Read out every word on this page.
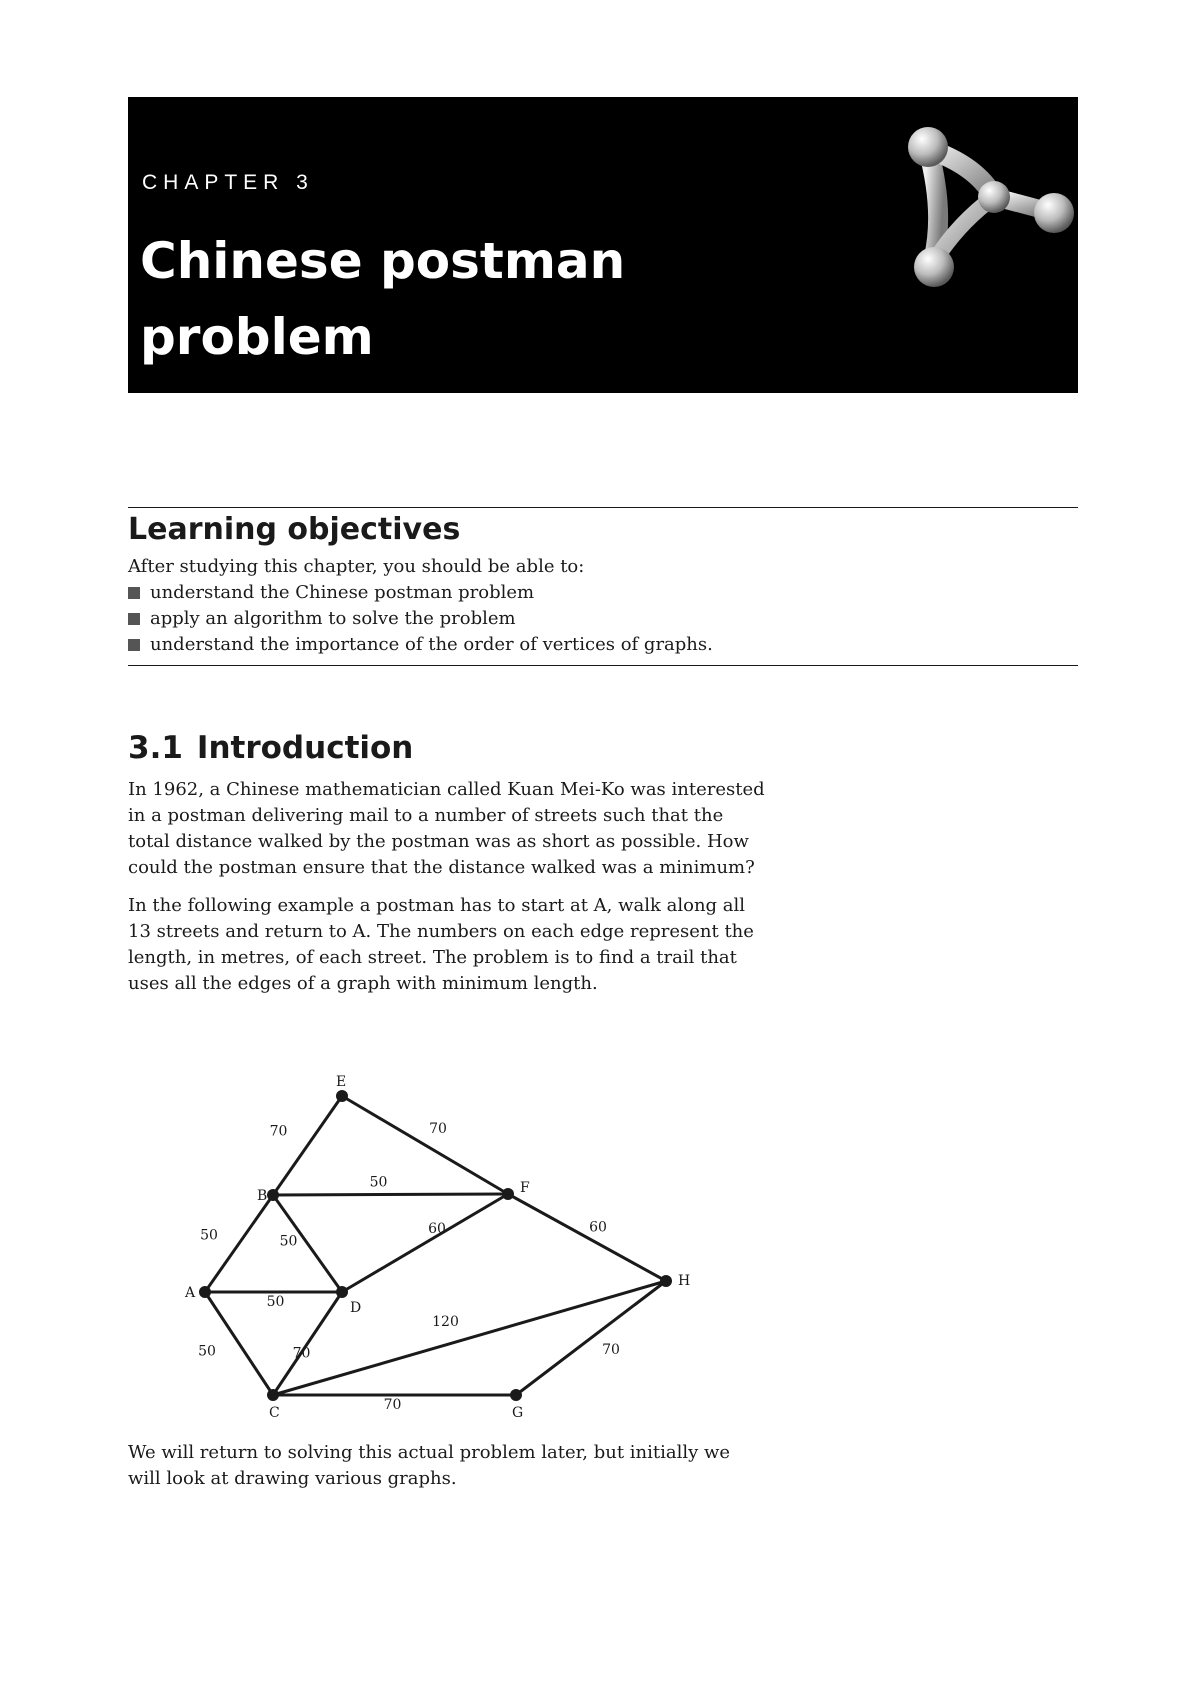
CHAPTER 3
Chinese postman problem
Learning objectives

After studying this chapter, you should be able to:

understand the Chinese postman problem
apply an algorithm to solve the problem
understand the importance of the order of vertices of graphs.
3.1 Introduction

In 1962, a Chinese mathematician called Kuan Mei-Ko was interested in a postman delivering mail to a number of streets such that the total distance walked by the postman was as short as possible. How could the postman ensure that the distance walked was a minimum?

In the following example a postman has to start at A, walk along all 13 streets and return to A. The numbers on each edge represent the length, in metres, of each street. The problem is to find a trail that uses all the edges of a graph with minimum length.

50
50
50
70
50
50
70
60	60
70
120
70
70
A
B
C
D
E
F
G
H

We will return to solving this actual problem later, but initially we will look at drawing various graphs.
